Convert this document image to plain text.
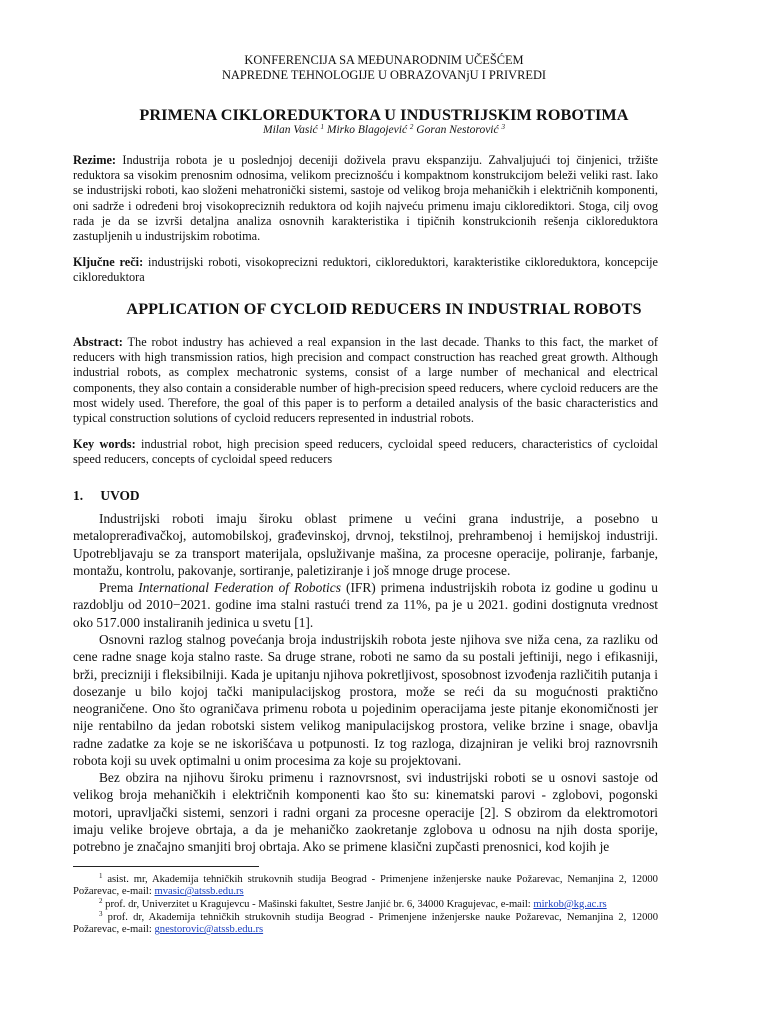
KONFERENCIJA SA MEĐUNARODNIM UČEŠĆEM
NAPREDNE TEHNOLOGIJE U OBRAZOVANjU I PRIVREDI
PRIMENA CIKLOREDUKTORA U INDUSTRIJSKIM ROBOTIMA
Milan Vasić $^1$ Mirko Blagojević $^2$ Goran Nestorović $^3$
Rezime: Industrija robota je u poslednjoj deceniji doživela pravu ekspanziju. Zahvaljujući toj činjenici, tržište reduktora sa visokim prenosnim odnosima, velikom preciznošću i kompaktnom konstrukcijom beleži veliki rast. Iako se industrijski roboti, kao složeni mehatronički sistemi, sastoje od velikog broja mehaničkih i električnih komponenti, oni sadrže i određeni broj visokopreciznih reduktora od kojih najveću primenu imaju ciklorediktori. Stoga, cilj ovog rada je da se izvrši detaljna analiza osnovnih karakteristika i tipičnih konstrukcionih rešenja cikloreduktora zastupljenih u industrijskim robotima.
Ključne reči: industrijski roboti, visokoprecizni reduktori, cikloreduktori, karakteristike cikloreduktora, koncepcije cikloreduktora
APPLICATION OF CYCLOID REDUCERS IN INDUSTRIAL ROBOTS
Abstract: The robot industry has achieved a real expansion in the last decade. Thanks to this fact, the market of reducers with high transmission ratios, high precision and compact construction has reached great growth. Although industrial robots, as complex mechatronic systems, consist of a large number of mechanical and electrical components, they also contain a considerable number of high-precision speed reducers, where cycloid reducers are the most widely used. Therefore, the goal of this paper is to perform a detailed analysis of the basic characteristics and typical construction solutions of cycloid reducers represented in industrial robots.
Key words: industrial robot, high precision speed reducers, cycloidal speed reducers, characteristics of cycloidal speed reducers, concepts of cycloidal speed reducers
1. UVOD
Industrijski roboti imaju široku oblast primene u većini grana industrije, a posebno u metaloprerađivačkoj, automobilskoj, građevinskoj, drvnoj, tekstilnoj, prehrambenoj i hemijskoj industriji. Upotrebljavaju se za transport materijala, opsluživanje mašina, za procesne operacije, poliranje, farbanje, montažu, kontrolu, pakovanje, sortiranje, paletiziranje i još mnoge druge procese.
Prema International Federation of Robotics (IFR) primena industrijskih robota iz godine u godinu u razdoblju od 2010−2021. godine ima stalni rastući trend za 11%, pa je u 2021. godini dostignuta vrednost oko 517.000 instaliranih jedinica u svetu [1].
Osnovni razlog stalnog povećanja broja industrijskih robota jeste njihova sve niža cena, za razliku od cene radne snage koja stalno raste. Sa druge strane, roboti ne samo da su postali jeftiniji, nego i efikasniji, brži, precizniji i fleksibilniji. Kada je upitanju njihova pokretljivost, sposobnost izvođenja različitih putanja i dosezanje u bilo kojoj tački manipulacijskog prostora, može se reći da su mogućnosti praktično neograničene. Ono što ograničava primenu robota u pojedinim operacijama jeste pitanje ekonomičnosti jer nije rentabilno da jedan robotski sistem velikog manipulacijskog prostora, velike brzine i snage, obavlja radne zadatke za koje se ne iskorišćava u potpunosti. Iz tog razloga, dizajniran je veliki broj raznovrsnih robota koji su uvek optimalni u onim procesima za koje su projektovani.
Bez obzira na njihovu široku primenu i raznovrsnost, svi industrijski roboti se u osnovi sastoje od velikog broja mehaničkih i električnih komponenti kao što su: kinematski parovi - zglobovi, pogonski motori, upravljački sistemi, senzori i radni organi za procesne operacije [2]. S obzirom da elektromotori imaju velike brojeve obrtaja, a da je mehaničko zaokretanje zglobova u odnosu na njih dosta sporije, potrebno je značajno smanjiti broj obrtaja. Ako se primene klasični zupčasti prenosnici, kod kojih je
$^1$ asist. mr, Akademija tehničkih strukovnih studija Beograd - Primenjene inženjerske nauke Požarevac, Nemanjina 2, 12000 Požarevac, e-mail: mvasic@atssb.edu.rs
$^2$ prof. dr, Univerzitet u Kragujevcu - Mašinski fakultet, Sestre Janjić br. 6, 34000 Kragujevac, e-mail: mirkob@kg.ac.rs
$^3$ prof. dr, Akademija tehničkih strukovnih studija Beograd - Primenjene inženjerske nauke Požarevac, Nemanjina 2, 12000 Požarevac, e-mail: gnestorovic@atssb.edu.rs
